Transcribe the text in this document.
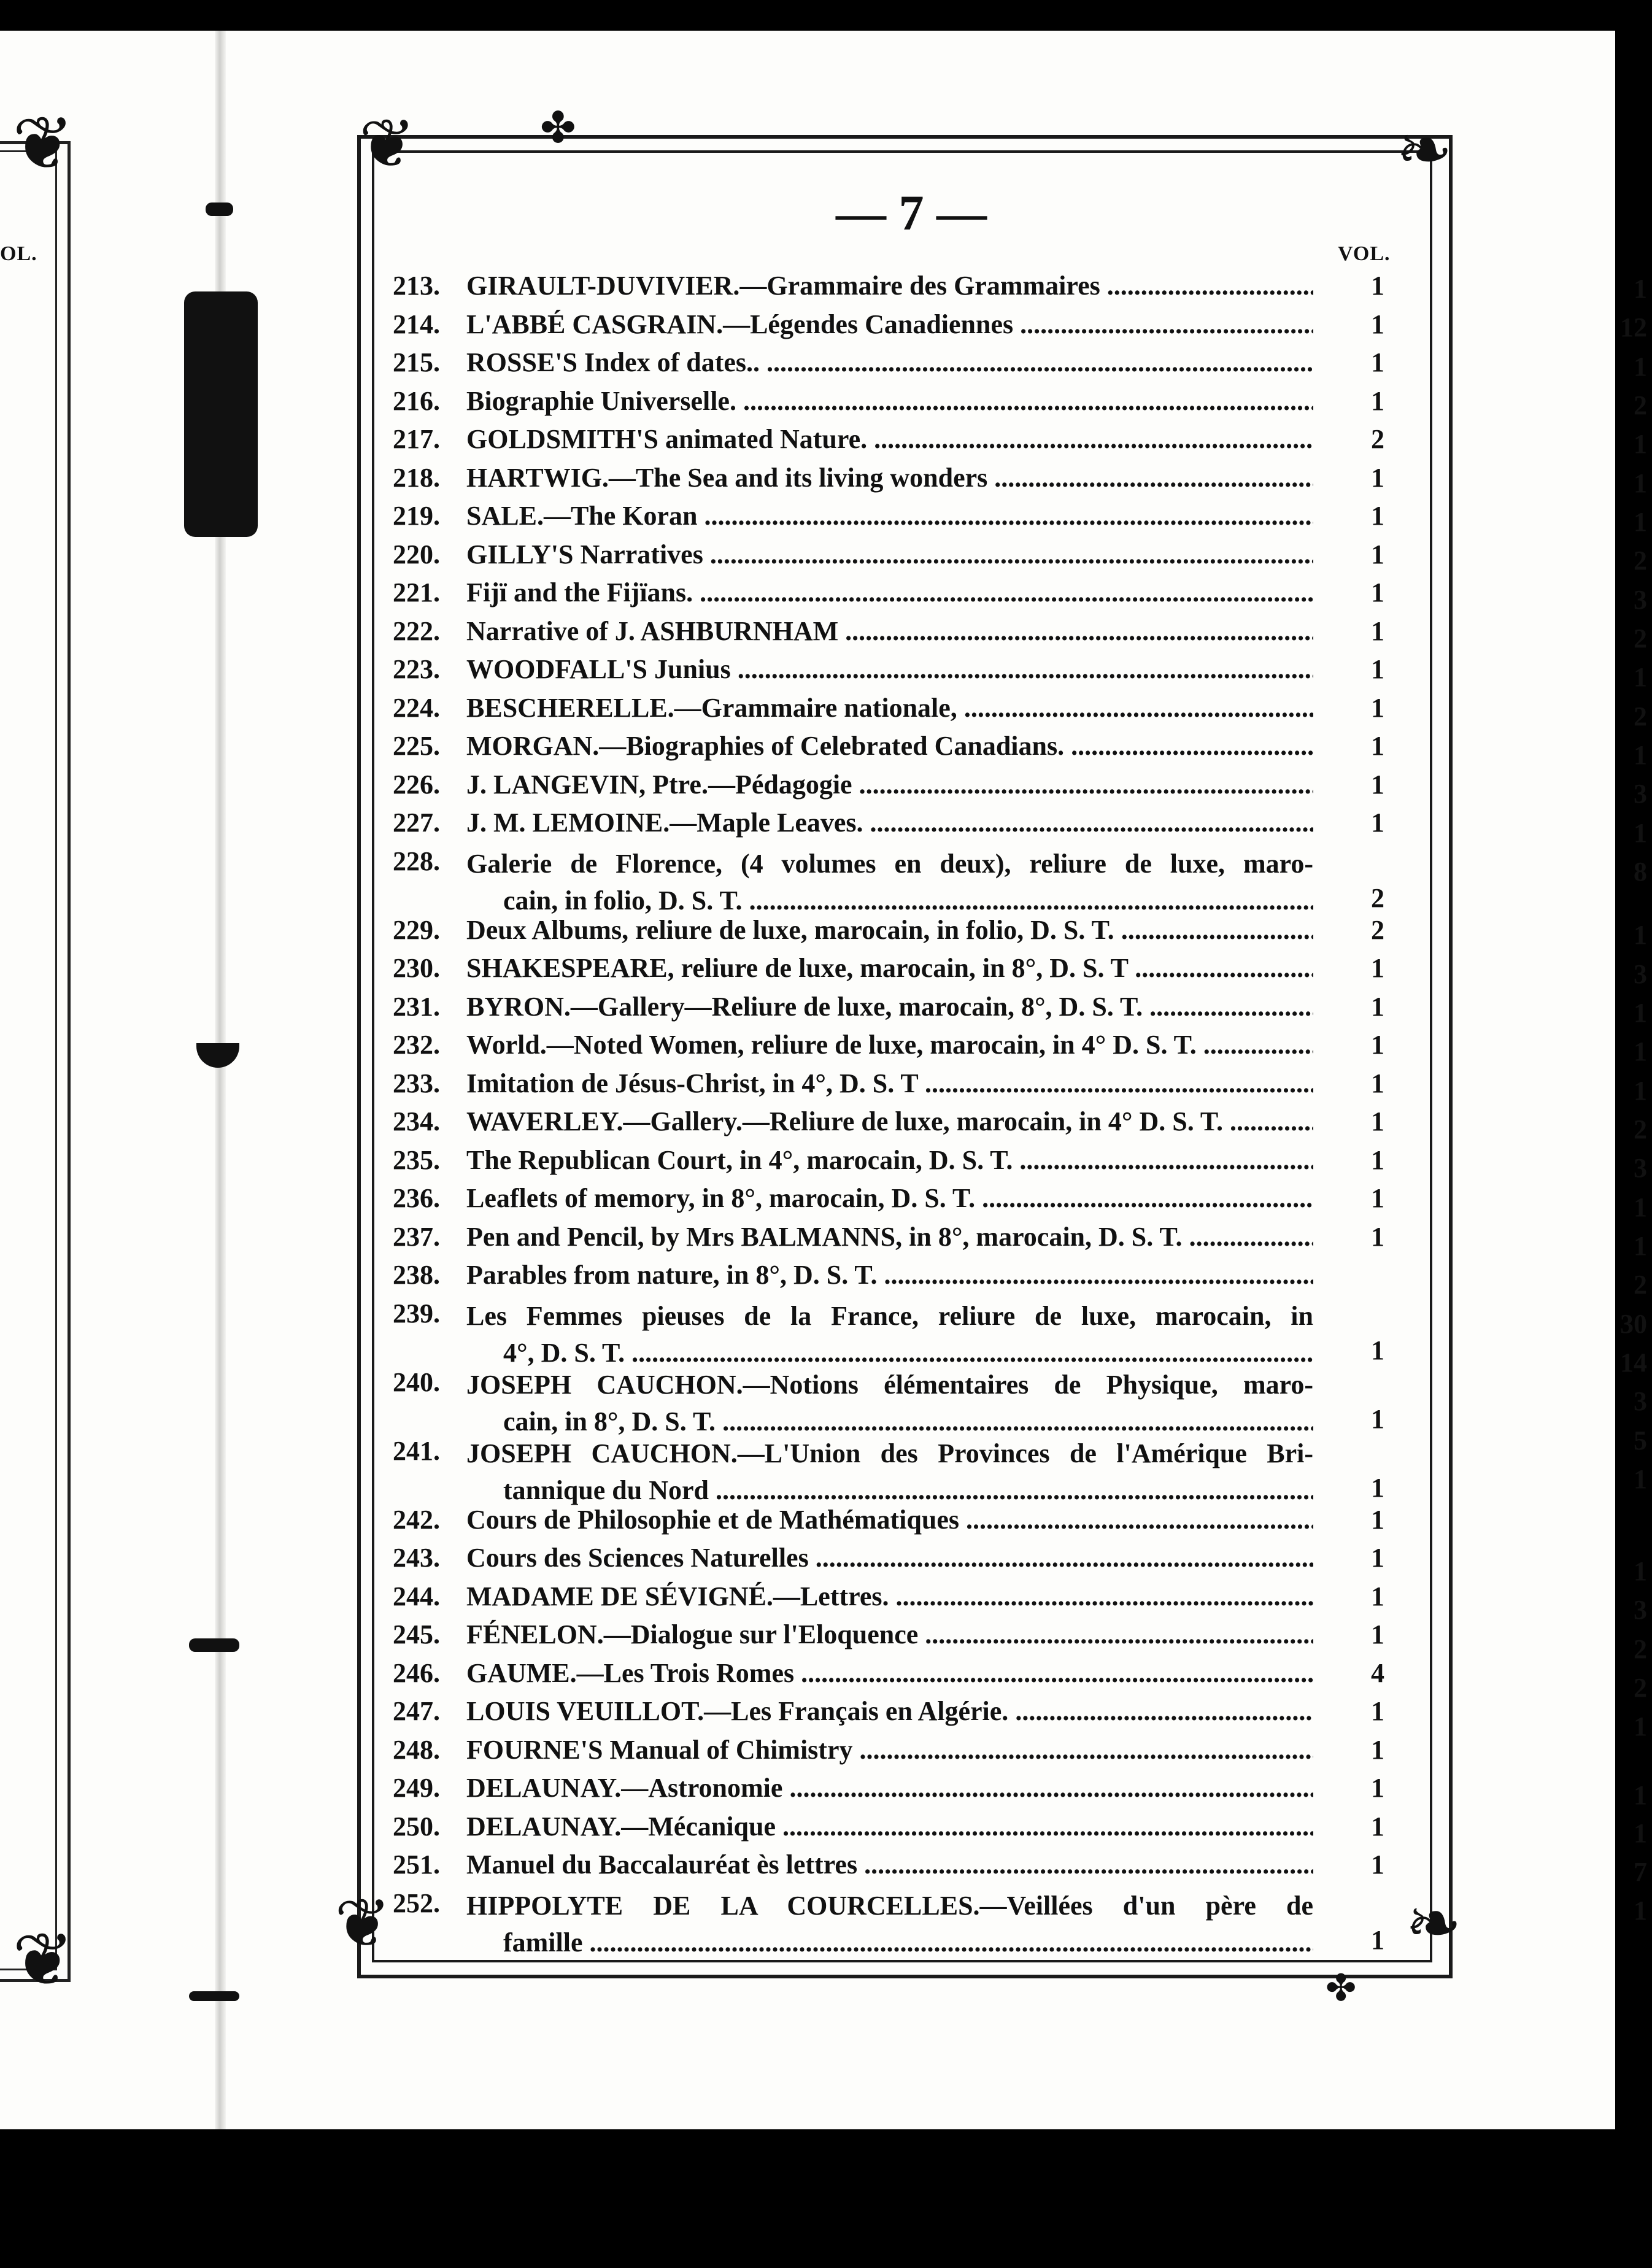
❦
❦
OL.
1
12
1
2
1
1
1
2
3
2
1
2
1
3
1
8
1
3
1
1
1
2
3
1
1
2
30
14
3
5
1
1
3
2
2
1
1
1
7
1
❦	❧
❦	❧
✤
✤
— 7 —
VOL.
213. GIRAULT-DUVIVIER.—Grammaire des Grammaires .....	1
214. L'ABBÉ CASGRAIN.—Légendes Canadiennes .....	1
215. ROSSE'S Index of dates.. .....	1
216. Biographie Universelle. .....	1
217. GOLDSMITH'S animated Nature. .....	2
218. HARTWIG.—The Sea and its living wonders .....	1
219. SALE.—The Koran .....	1
220. GILLY'S Narratives .....	1
221. Fijï and the Fijïans. .....	1
222. Narrative of J. ASHBURNHAM .....	1
223. WOODFALL'S Junius .....	1
224. BESCHERELLE.—Grammaire nationale, .....	1
225. MORGAN.—Biographies of Celebrated Canadians. .....	1
226. J. LANGEVIN, Ptre.—Pédagogie .....	1
227. J. M. LEMOINE.—Maple Leaves. .....	1
228. Galerie de Florence, (4 volumes en deux), reliure de luxe, maro-
cain, in folio, D. S. T. .....	2
229. Deux Albums, reliure de luxe, marocain, in folio, D. S. T. .....	2
230. SHAKESPEARE, reliure de luxe, marocain, in 8°, D. S. T .....	1
231. BYRON.—Gallery—Reliure de luxe, marocain, 8°, D. S. T. .....	1
232. World.—Noted Women, reliure de luxe, marocain, in 4° D. S. T. .....	1
233. Imitation de Jésus-Christ, in 4°, D. S. T .....	1
234. WAVERLEY.—Gallery.—Reliure de luxe, marocain, in 4° D. S. T. .....	1
235. The Republican Court, in 4°, marocain, D. S. T. .....	1
236. Leaflets of memory, in 8°, marocain, D. S. T. .....	1
237. Pen and Pencil, by Mrs BALMANNS, in 8°, marocain, D. S. T. .....	1
238. Parables from nature, in 8°, D. S. T. .....
239. Les Femmes pieuses de la France, reliure de luxe, marocain, in
4°, D. S. T. .....	1
240. JOSEPH CAUCHON.—Notions élémentaires de Physique, maro-
cain, in 8°, D. S. T. .....	1
241. JOSEPH CAUCHON.—L'Union des Provinces de l'Amérique Bri-
tannique du Nord .....	1
242. Cours de Philosophie et de Mathématiques .....	1
243. Cours des Sciences Naturelles .....	1
244. MADAME DE SÉVIGNÉ.—Lettres. .....	1
245. FÉNELON.—Dialogue sur l'Eloquence .....	1
246. GAUME.—Les Trois Romes .....	4
247. LOUIS VEUILLOT.—Les Français en Algérie. .....	1
248. FOURNE'S Manual of Chimistry .....	1
249. DELAUNAY.—Astronomie .....	1
250. DELAUNAY.—Mécanique .....	1
251. Manuel du Baccalauréat ès lettres .....	1
252. HIPPOLYTE DE LA COURCELLES.—Veillées d'un père de
famille .....	1
